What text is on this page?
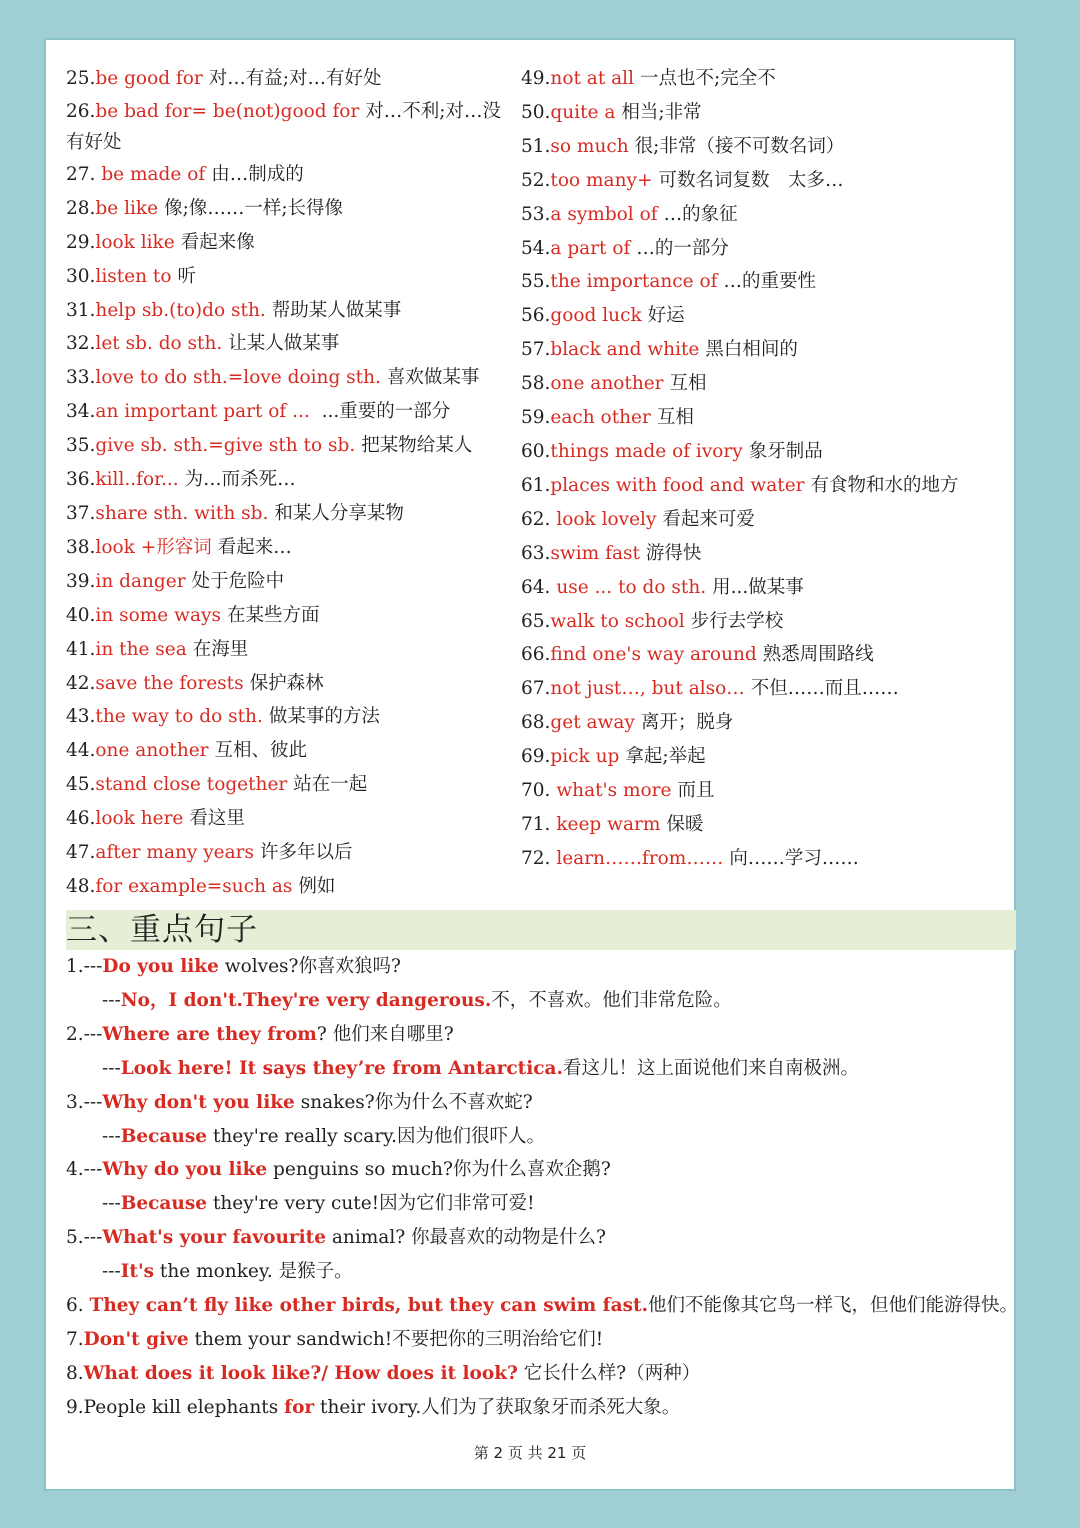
25.be good for 对…有益;对…有好处
26.be bad for= be(not)good for 对…不利;对…没有好处
27. be made of 由…制成的
28.be like 像;像……一样;长得像
29.look like 看起来像
30.listen to 听
31.help sb.(to)do sth. 帮助某人做某事
32.let sb. do sth. 让某人做某事
33.love to do sth.=love doing sth. 喜欢做某事
34.an important part of ... ...重要的一部分
35.give sb. sth.=give sth to sb. 把某物给某人
36.kill..for... 为…而杀死…
37.share sth. with sb. 和某人分享某物
38.look +形容词 看起来…
39.in danger 处于危险中
40.in some ways 在某些方面
41.in the sea 在海里
42.save the forests 保护森林
43.the way to do sth. 做某事的方法
44.one another 互相、彼此
45.stand close together 站在一起
46.look here 看这里
47.after many years 许多年以后
48.for example=such as 例如
49.not at all 一点也不;完全不
50.quite a 相当;非常
51.so much 很;非常（接不可数名词）
52.too many+ 可数名词复数　太多…
53.a symbol of …的象征
54.a part of …的一部分
55.the importance of …的重要性
56.good luck 好运
57.black and white 黑白相间的
58.one another 互相
59.each other 互相
60.things made of ivory 象牙制品
61.places with food and water 有食物和水的地方
62. look lovely 看起来可爱
63.swim fast 游得快
64. use ... to do sth. 用...做某事
65.walk to school 步行去学校
66.find one's way around 熟悉周围路线
67.not just…, but also… 不但……而且……
68.get away 离开；脱身
69.pick up 拿起;举起
70. what's more 而且
71. keep warm 保暖
72. learn……from…… 向……学习……
三、重点句子
1.---Do you like wolves?你喜欢狼吗?
---No，I don't.They're very dangerous.不，不喜欢。他们非常危险。
2.---Where are they from? 他们来自哪里?
---Look here! It says they’re from Antarctica.看这儿！这上面说他们来自南极洲。
3.---Why don't you like snakes?你为什么不喜欢蛇?
---Because they're really scary.因为他们很吓人。
4.---Why do you like penguins so much?你为什么喜欢企鹅?
---Because they're very cute!因为它们非常可爱!
5.---What's your favourite animal? 你最喜欢的动物是什么?
---It's the monkey. 是猴子。
6. They can’t fly like other birds, but they can swim fast.他们不能像其它鸟一样飞，但他们能游得快。
7.Don't give them your sandwich!不要把你的三明治给它们!
8.What does it look like?/ How does it look? 它长什么样?（两种）
9.People kill elephants for their ivory.人们为了获取象牙而杀死大象。
第 2 页 共 21 页
